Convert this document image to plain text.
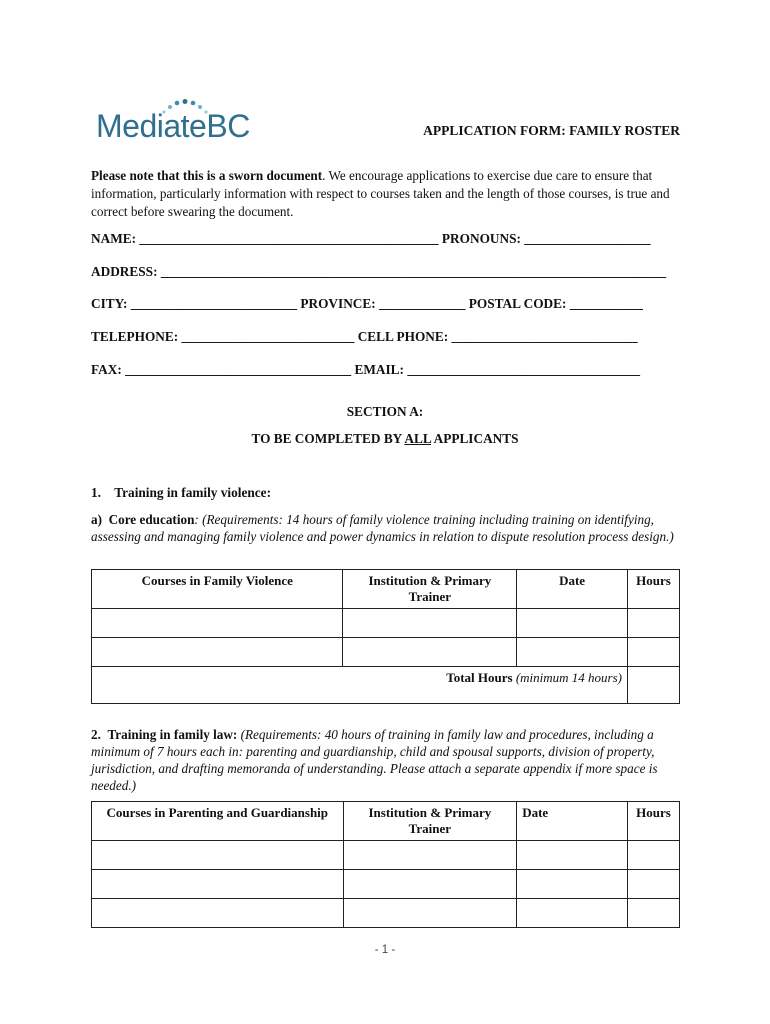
MediateBC	APPLICATION FORM: FAMILY ROSTER
Please note that this is a sworn document. We encourage applications to exercise due care to ensure that information, particularly information with respect to courses taken and the length of those courses, is true and correct before swearing the document.
NAME: _____________________________________________ PRONOUNS: ___________________
ADDRESS: ____________________________________________________________________________
CITY: _________________________ PROVINCE: _____________ POSTAL CODE: ___________
TELEPHONE: __________________________ CELL PHONE: ____________________________
FAX: __________________________________ EMAIL: ___________________________________
SECTION A:
TO BE COMPLETED BY ALL APPLICANTS
1.    Training in family violence:
a)  Core education: (Requirements: 14 hours of family violence training including training on identifying, assessing and managing family violence and power dynamics in relation to dispute resolution process design.)
Courses in Family Violence	Institution & Primary Trainer	Date	Hours

Total Hours (minimum 14 hours)			
2.  Training in family law: (Requirements: 40 hours of training in family law and procedures, including a minimum of 7 hours each in: parenting and guardianship, child and spousal supports, division of property, jurisdiction, and drafting memoranda of understanding. Please attach a separate appendix if more space is needed.)
Courses in Parenting and Guardianship	Institution & Primary Trainer	Date	Hours

- 1 -
